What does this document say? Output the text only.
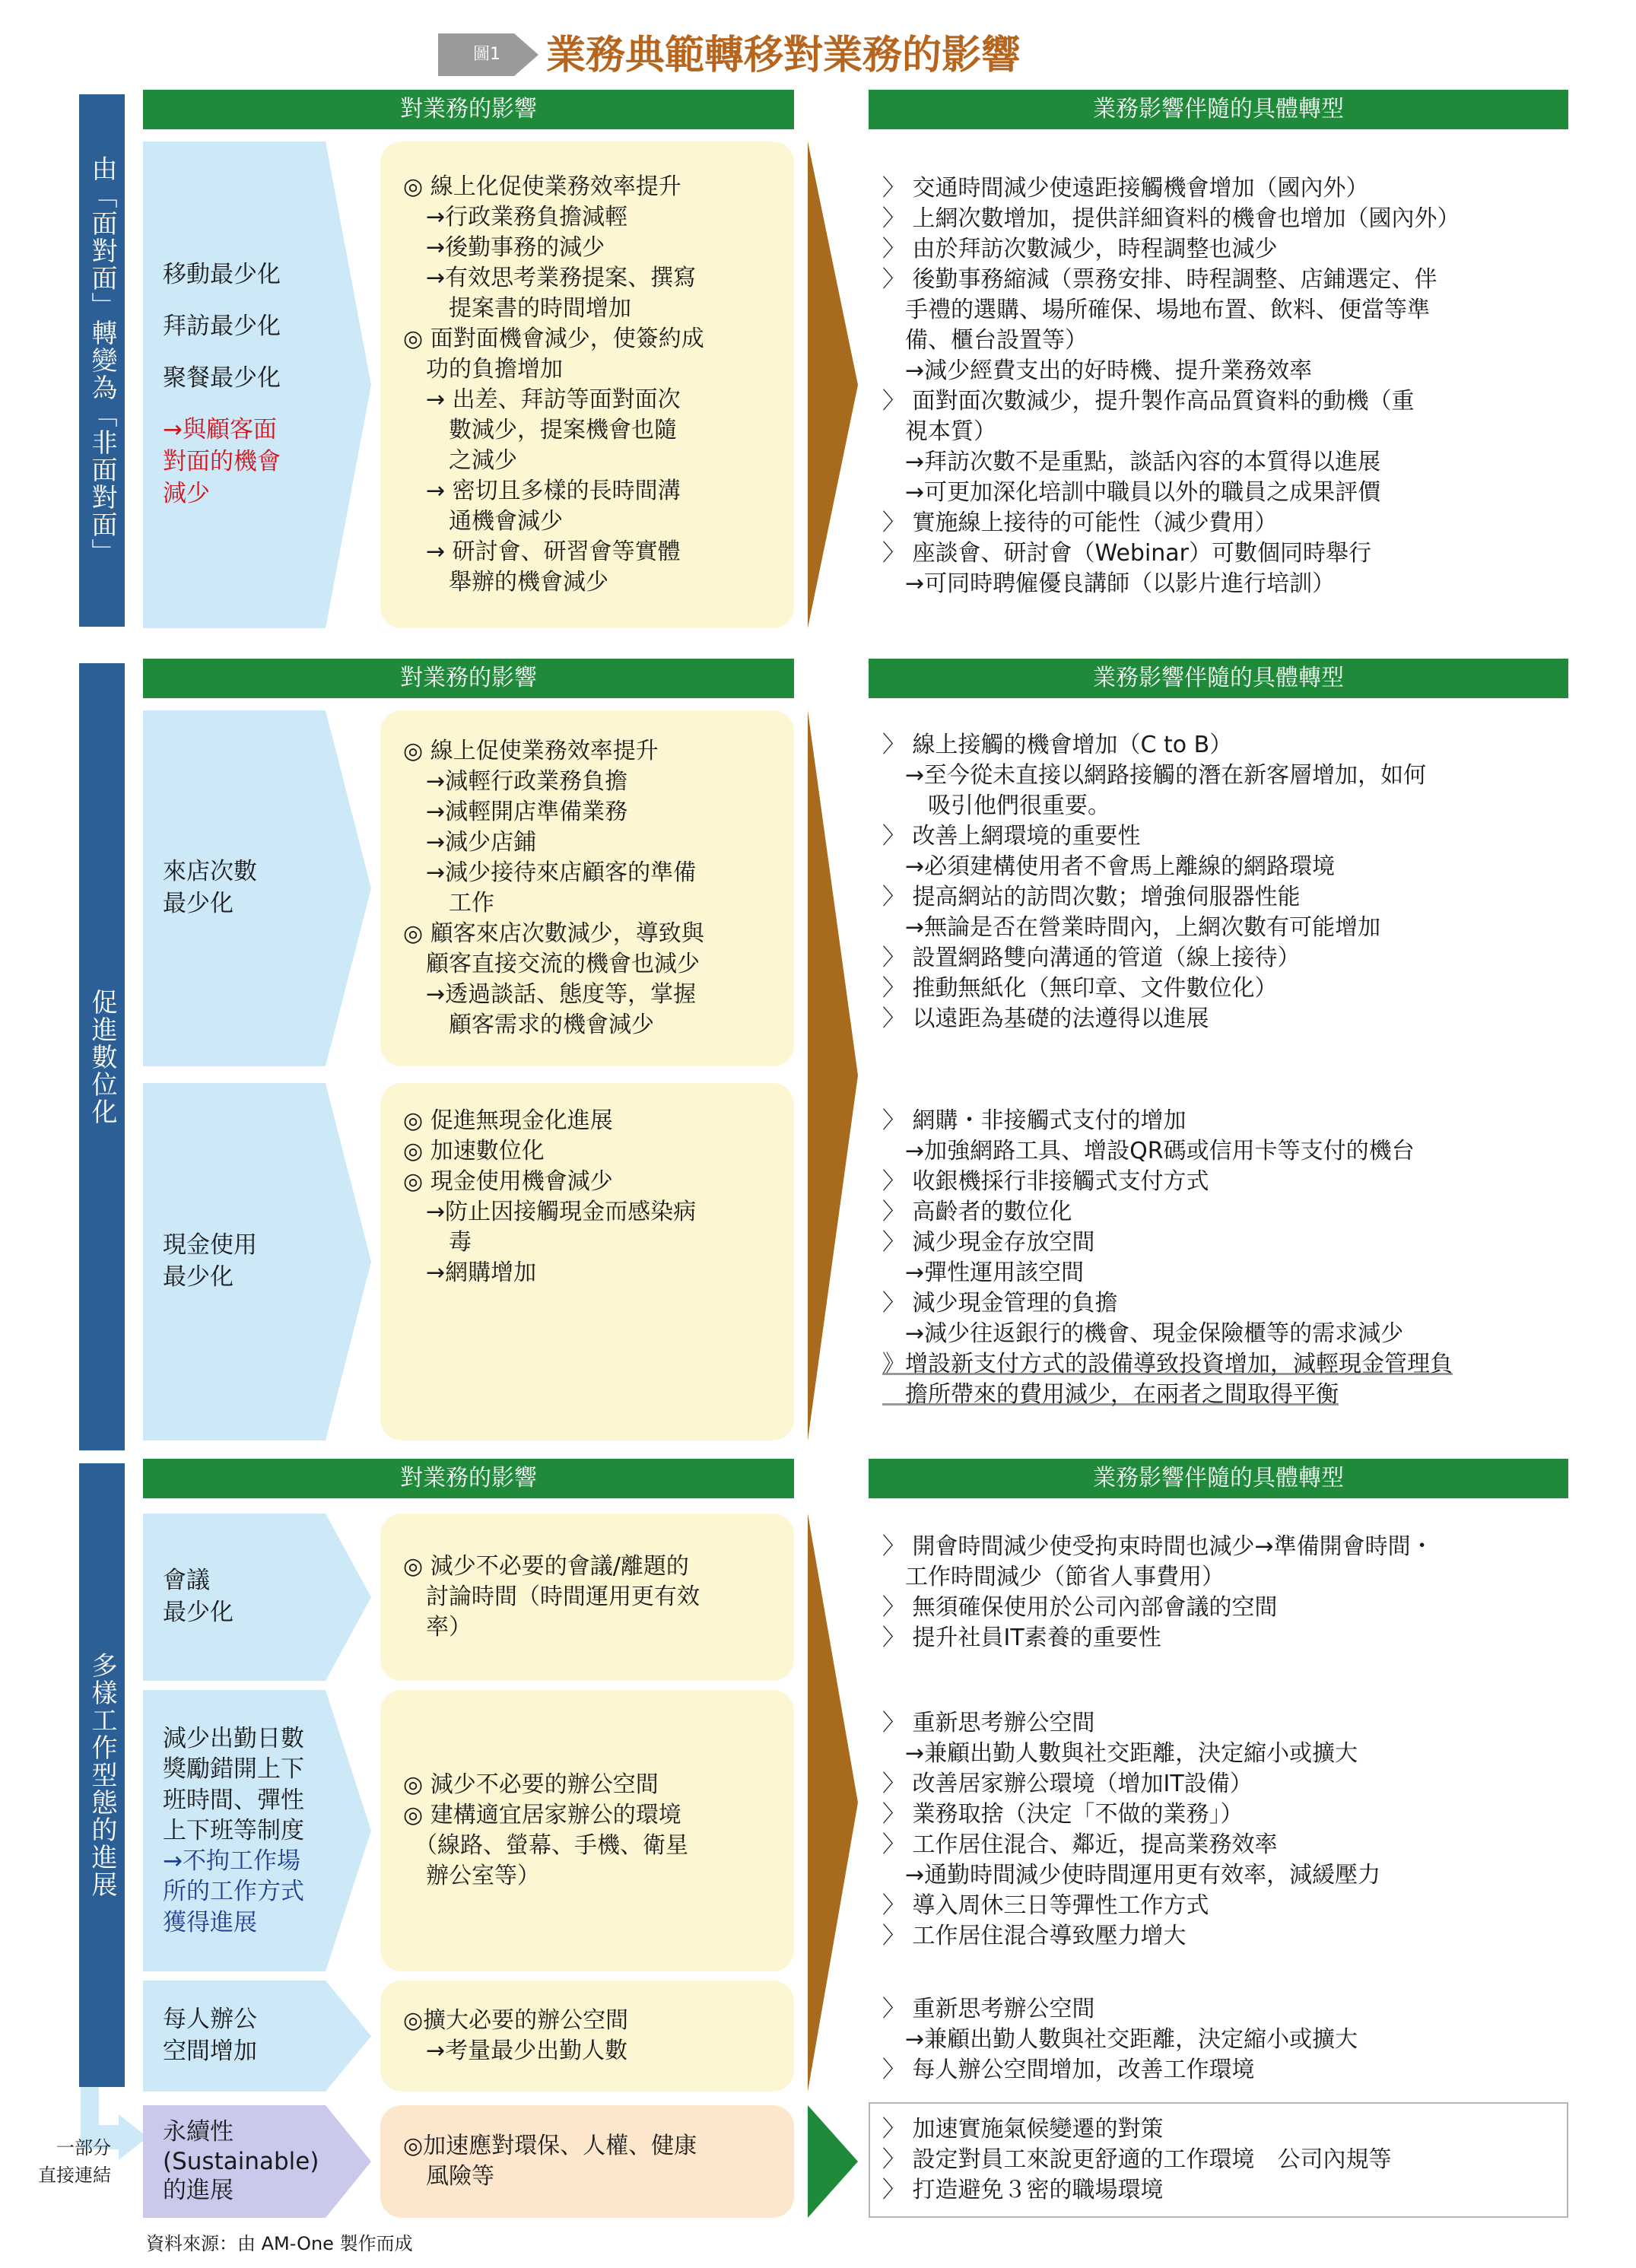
圖1	業務典範轉移對業務的影響
由「面對面」轉變為「非面對面」
對業務的影響	業務影響伴隨的具體轉型
移動最少化
拜訪最少化
聚餐最少化
→與顧客面
對面的機會
減少
◎ 線上化促使業務效率提升
　→行政業務負擔減輕
　→後勤事務的減少
　→有效思考業務提案、撰寫
　　提案書的時間增加
◎ 面對面機會減少，使簽約成
　功的負擔增加
　→ 出差、拜訪等面對面次
　　數減少，提案機會也隨
　　之減少
　→ 密切且多樣的長時間溝
　　通機會減少
　→ 研討會、研習會等實體
　　舉辦的機會減少
〉 交通時間減少使遠距接觸機會增加（國內外）
〉 上網次數增加，提供詳細資料的機會也增加（國內外）
〉 由於拜訪次數減少，時程調整也減少
〉 後勤事務縮減（票務安排、時程調整、店鋪選定、伴
　手禮的選購、場所確保、場地布置、飲料、便當等準
　備、櫃台設置等）
　→減少經費支出的好時機、提升業務效率
〉 面對面次數減少，提升製作高品質資料的動機（重
　視本質）
　→拜訪次數不是重點，談話內容的本質得以進展
　→可更加深化培訓中職員以外的職員之成果評價
〉 實施線上接待的可能性（減少費用）
〉 座談會、研討會（Webinar）可數個同時舉行
　→可同時聘僱優良講師（以影片進行培訓）
促進數位化
對業務的影響	業務影響伴隨的具體轉型
來店次數
最少化
◎ 線上促使業務效率提升
　→減輕行政業務負擔
　→減輕開店準備業務
　→減少店鋪
　→減少接待來店顧客的準備
　　工作
◎ 顧客來店次數減少，導致與
　顧客直接交流的機會也減少
　→透過談話、態度等，掌握
　　顧客需求的機會減少
現金使用
最少化
◎ 促進無現金化進展
◎ 加速數位化
◎ 現金使用機會減少
　→防止因接觸現金而感染病
　　毒
　→網購增加
〉 線上接觸的機會增加（C to B）
　→至今從未直接以網路接觸的潛在新客層增加，如何
　　吸引他們很重要。
〉 改善上網環境的重要性
　→必須建構使用者不會馬上離線的網路環境
〉 提高網站的訪問次數；增強伺服器性能
　→無論是否在營業時間內，上網次數有可能增加
〉 設置網路雙向溝通的管道（線上接待）
〉 推動無紙化（無印章、文件數位化）
〉 以遠距為基礎的法遵得以進展
〉 網購・非接觸式支付的增加
　→加強網路工具、增設QR碼或信用卡等支付的機台
〉 收銀機採行非接觸式支付方式
〉 高齡者的數位化
〉 減少現金存放空間
　→彈性運用該空間
〉 減少現金管理的負擔
　→減少往返銀行的機會、現金保險櫃等的需求減少
》增設新支付方式的設備導致投資增加，減輕現金管理負
　擔所帶來的費用減少，在兩者之間取得平衡
多樣工作型態的進展
對業務的影響	業務影響伴隨的具體轉型
會議
最少化
◎ 減少不必要的會議/離題的
　討論時間（時間運用更有效
　率）
減少出勤日數
獎勵錯開上下
班時間、彈性
上下班等制度
→不拘工作場
所的工作方式
獲得進展
◎ 減少不必要的辦公空間
◎ 建構適宜居家辦公的環境
　（線路、螢幕、手機、衛星
　辦公室等）
每人辦公
空間增加
◎擴大必要的辦公空間
　→考量最少出勤人數
〉 開會時間減少使受拘束時間也減少→準備開會時間・
　工作時間減少（節省人事費用）
〉 無須確保使用於公司內部會議的空間
〉 提升社員IT素養的重要性
〉 重新思考辦公空間
　→兼顧出勤人數與社交距離，決定縮小或擴大
〉 改善居家辦公環境（增加IT設備）
〉 業務取捨（決定「不做的業務」）
〉 工作居住混合、鄰近，提高業務效率
　→通勤時間減少使時間運用更有效率，減緩壓力
〉 導入周休三日等彈性工作方式
〉 工作居住混合導致壓力增大
〉 重新思考辦公空間
　→兼顧出勤人數與社交距離，決定縮小或擴大
〉 每人辦公空間增加，改善工作環境
一部分
直接連結
永續性
(Sustainable)
的進展
◎加速應對環保、人權、健康
　風險等
〉 加速實施氣候變遷的對策
〉 設定對員工來說更舒適的工作環境　公司內規等
〉 打造避免３密的職場環境
資料來源：由 AM-One 製作而成
